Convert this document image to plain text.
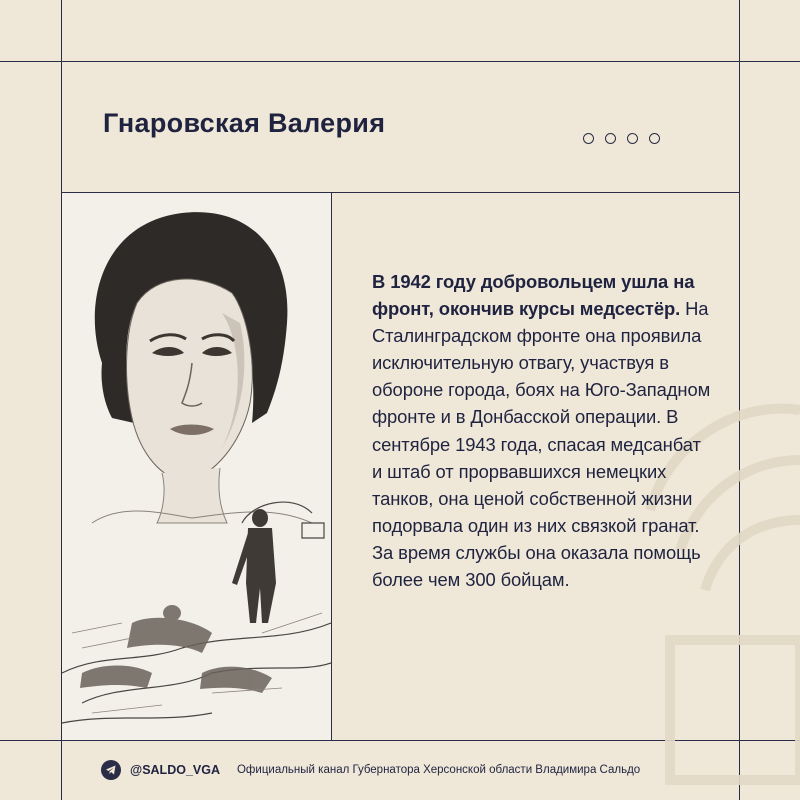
Гнаровская Валерия

В 1942 году добровольцем ушла на фронт, окончив курсы медсестёр. На Сталинградском фронте она проявила исключительную отвагу, участвуя в обороне города, боях на Юго-Западном фронте и в Донбасской операции. В сентябре 1943 года, спасая медсанбат и штаб от прорвавшихся немецких танков, она ценой собственной жизни подорвала один из них связкой гранат. За время службы она оказала помощь более чем 300 бойцам.

@SALDO_VGA Официальный канал Губернатора Херсонской области Владимира Сальдо
